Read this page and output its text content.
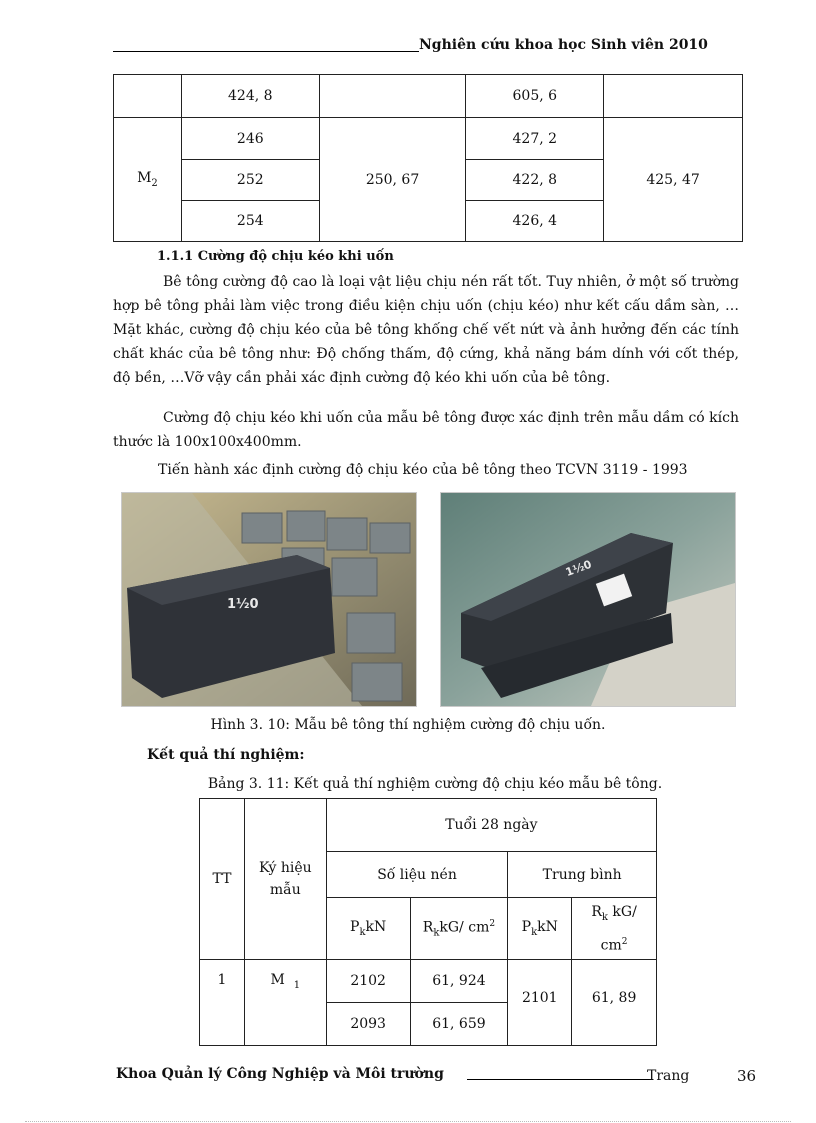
Nghiên cứu khoa học Sinh viên 2010
	424, 8		605, 6	
$M_2$	246	250, 67	427, 2	425, 47
	252		422, 8	
	254		426, 4	
1.1.1 Cường độ chịu kéo khi uốn

Bê tông cường độ cao là loại vật liệu chịu nén rất tốt. Tuy nhiên, ở một số trường hợp bê tông phải làm việc trong điều kiện chịu uốn (chịu kéo) như kết cấu dầm sàn, … Mặt khác, cường độ chịu kéo của bê tông khống chế vết nứt và ảnh hưởng đến các tính chất khác của bê tông như: Độ chống thấm, độ cứng, khả năng bám dính với cốt thép, độ bền, …Vỡ vậy cần phải xác định cường độ kéo khi uốn của bê tông.

Cường độ chịu kéo khi uốn của mẫu bê tông được xác định trên mẫu dầm có kích thước là 100x100x400mm.

Tiến hành xác định cường độ chịu kéo của bê tông theo TCVN 3119 - 1993
1½0
1½0
Hình 3. 10: Mẫu bê tông thí nghiệm cường độ chịu uốn.
Kết quả thí nghiệm:
Bảng 3. 11: Kết quả thí nghiệm cường độ chịu kéo mẫu bê tông.
TT	Ký hiệu mẫu	Tuổi 28 ngày			
		Số liệu nén		Trung bình	
		$P_kkN$	$R_kkG/$ $cm^2$	$P_kkN$	$R_k$ kG/
$cm^2$
1	M $_1$	2102	61, 924	2101	61, 89
		2093	61, 659		
Khoa Quản lý Công Nghiệp và Môi trường	Trang	36
